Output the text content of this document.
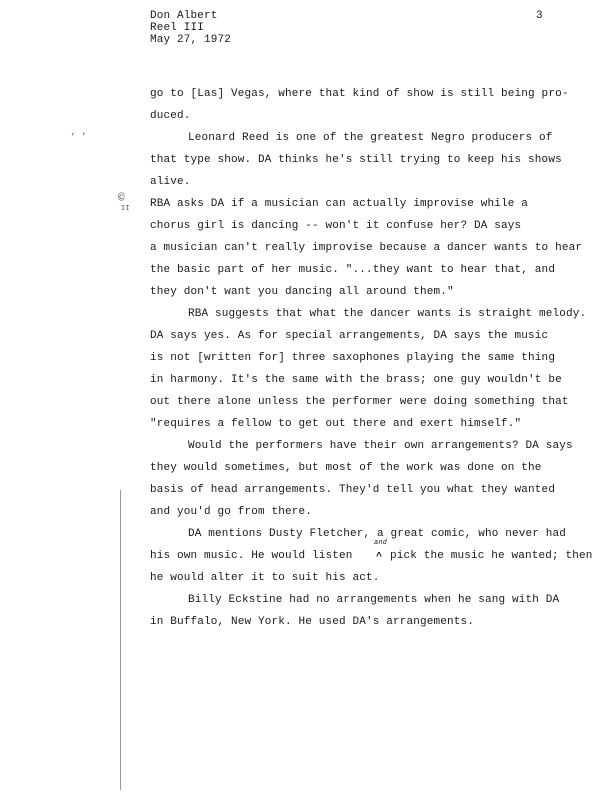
Don Albert
Reel III
May 27, 1972
3
‘ ’
©
II
go to [Las] Vegas, where that kind of show is still being pro-
duced.
Leonard Reed is one of the greatest Negro producers of
that type show. DA thinks he's still trying to keep his shows
alive.
RBA asks DA if a musician can actually improvise while a
chorus girl is dancing -- won't it confuse her? DA says
a musician can't really improvise because a dancer wants to hear
the basic part of her music. "...they want to hear that, and
they don't want you dancing all around them."
RBA suggests that what the dancer wants is straight melody.
DA says yes. As for special arrangements, DA says the music
is not [written for] three saxophones playing the same thing
in harmony. It's the same with the brass; one guy wouldn't be
out there alone unless the performer were doing something that
"requires a fellow to get out there and exert himself."
Would the performers have their own arrangements? DA says
they would sometimes, but most of the work was done on the
basis of head arrangements. They'd tell you what they wanted
and you'd go from there.
DA mentions Dusty Fletcher, a great comic, who never had
his own music. He would listen
and
^ pick the music he wanted; then
he would alter it to suit his act.
Billy Eckstine had no arrangements when he sang with DA
in Buffalo, New York. He used DA's arrangements.
